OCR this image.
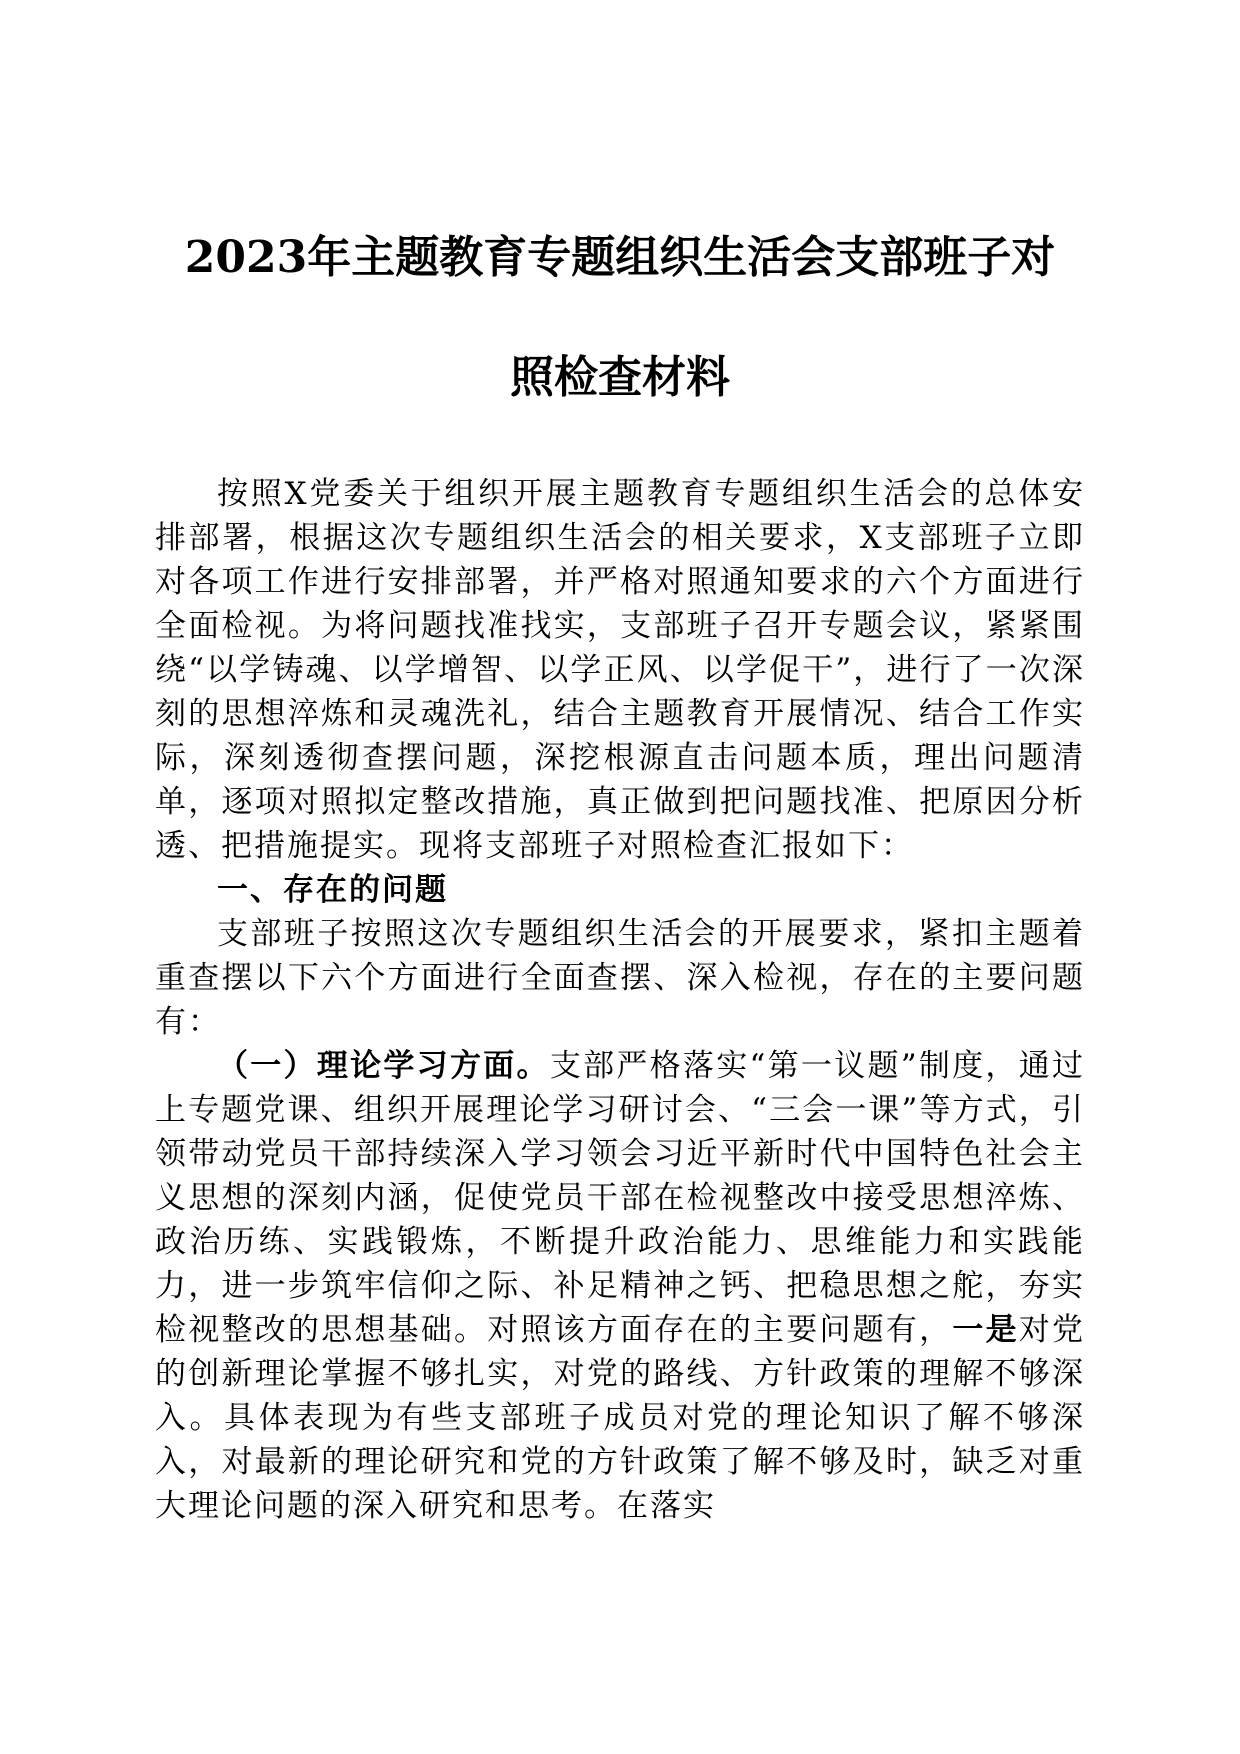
2023年主题教育专题组织生活会支部班子对
照检查材料

按照X党委关于组织开展主题教育专题组织生活会的总体安排部署，根据这次专题组织生活会的相关要求，X支部班子立即对各项工作进行安排部署，并严格对照通知要求的六个方面进行全面检视。为将问题找准找实，支部班子召开专题会议，紧紧围绕“以学铸魂、以学增智、以学正风、以学促干”，进行了一次深刻的思想淬炼和灵魂洗礼，结合主题教育开展情况、结合工作实际，深刻透彻查摆问题，深挖根源直击问题本质，理出问题清单，逐项对照拟定整改措施，真正做到把问题找准、把原因分析透、把措施提实。现将支部班子对照检查汇报如下：

一、存在的问题

支部班子按照这次专题组织生活会的开展要求，紧扣主题着重查摆以下六个方面进行全面查摆、深入检视，存在的主要问题有：

（一）理论学习方面。支部严格落实“第一议题”制度，通过上专题党课、组织开展理论学习研讨会、“三会一课”等方式，引领带动党员干部持续深入学习领会习近平新时代中国特色社会主义思想的深刻内涵，促使党员干部在检视整改中接受思想淬炼、政治历练、实践锻炼，不断提升政治能力、思维能力和实践能力，进一步筑牢信仰之际、补足精神之钙、把稳思想之舵，夯实检视整改的思想基础。对照该方面存在的主要问题有，一是对党的创新理论掌握不够扎实，对党的路线、方针政策的理解不够深入。具体表现为有些支部班子成员对党的理论知识了解不够深入，对最新的理论研究和党的方针政策了解不够及时，缺乏对重大理论问题的深入研究和思考。在落实
